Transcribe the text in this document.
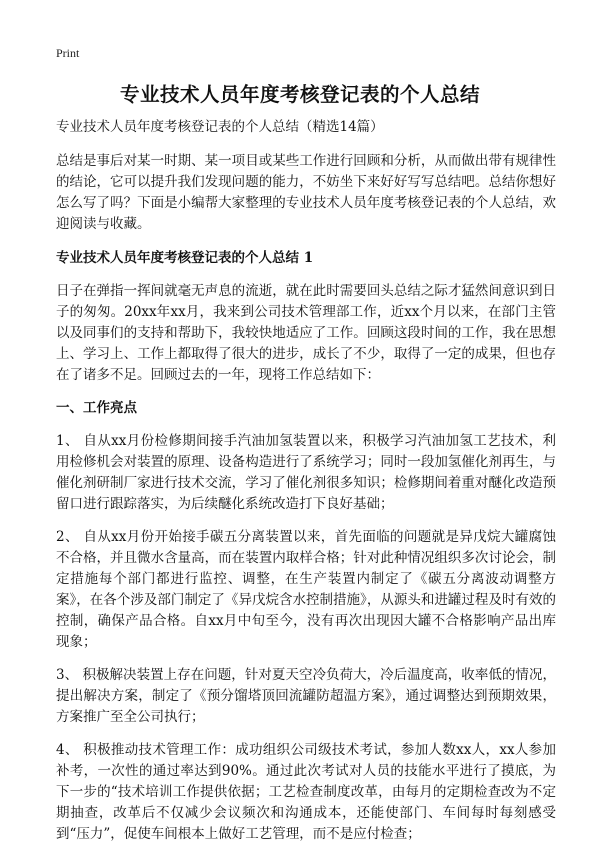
Print
专业技术人员年度考核登记表的个人总结

专业技术人员年度考核登记表的个人总结（精选14篇）

总结是事后对某一时期、某一项目或某些工作进行回顾和分析，从而做出带有规律性的结论，它可以提升我们发现问题的能力，不妨坐下来好好写写总结吧。总结你想好怎么写了吗？下面是小编帮大家整理的专业技术人员年度考核登记表的个人总结，欢迎阅读与收藏。

专业技术人员年度考核登记表的个人总结 1

日子在弹指一挥间就毫无声息的流逝，就在此时需要回头总结之际才猛然间意识到日子的匆匆。20xx年xx月，我来到公司技术管理部工作，近xx个月以来，在部门主管以及同事们的支持和帮助下，我较快地适应了工作。回顾这段时间的工作，我在思想上、学习上、工作上都取得了很大的进步，成长了不少，取得了一定的成果，但也存在了诸多不足。回顾过去的一年，现将工作总结如下：

一、工作亮点

1、 自从xx月份检修期间接手汽油加氢装置以来，积极学习汽油加氢工艺技术，利用检修机会对装置的原理、设备构造进行了系统学习；同时一段加氢催化剂再生，与催化剂研制厂家进行技术交流，学习了催化剂很多知识；检修期间着重对醚化改造预留口进行跟踪落实，为后续醚化系统改造打下良好基础；

2、 自从xx月份开始接手碳五分离装置以来，首先面临的问题就是异戊烷大罐腐蚀不合格，并且微水含量高，而在装置内取样合格；针对此种情况组织多次讨论会，制定措施每个部门都进行监控、调整，在生产装置内制定了《碳五分离波动调整方案》，在各个涉及部门制定了《异戊烷含水控制措施》，从源头和进罐过程及时有效的控制，确保产品合格。自xx月中旬至今，没有再次出现因大罐不合格影响产品出库现象；

3、 积极解决装置上存在问题，针对夏天空冷负荷大，冷后温度高，收率低的情况，提出解决方案，制定了《预分馏塔顶回流罐防超温方案》，通过调整达到预期效果，方案推广至全公司执行；

4、 积极推动技术管理工作：成功组织公司级技术考试，参加人数xx人，xx人参加补考，一次性的通过率达到90%。通过此次考试对人员的技能水平进行了摸底，为下一步的“技术培训工作提供依据；工艺检查制度改革，由每月的定期检查改为不定期抽查，改革后不仅减少会议频次和沟通成本，还能使部门、车间每时每刻感受到“压力”，促使车间根本上做好工艺管理，而不是应付检查；
